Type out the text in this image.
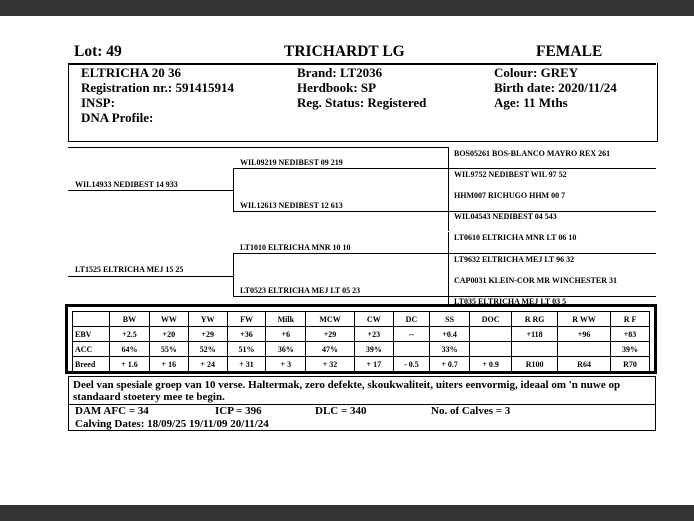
Lot: 49	TRICHARDT LG	FEMALE
ELTRICHA 20 36
Registration nr.: 591415914
INSP:
DNA Profile:
Brand: LT2036
Herdbook: SP
Reg. Status: Registered
Colour: GREY
Birth date: 2020/11/24
Age: 11 Mths
WIL14933 NEDIBEST 14 933
LT1525 ELTRICHA MEJ 15 25
WIL09219 NEDIBEST 09 219
WIL12613 NEDIBEST 12 613
LT1010 ELTRICHA MNR 10 10
LT0523 ELTRICHA MEJ LT 05 23
BOS05261 BOS-BLANCO MAYRO REX 261
WIL9752 NEDIBEST WIL 97 52
HHM007 RICHUGO HHM 00 7
WIL04543 NEDIBEST 04 543
LT0610 ELTRICHA MNR LT 06 10
LT9632 ELTRICHA MEJ LT 96 32
CAP0031 KLEIN-COR MR WINCHESTER 31
LT035 ELTRICHA MEJ LT 03 5
	BW	WW	YW	FW	Milk	MCW	CW	DC	SS	DOC	R RG	R WW	R F
EBV	+2.5	+20	+29	+36	+6	+29	+23	--	+0.4		+118	+96	+83
ACC	64%	55%	52%	51%	36%	47%	39%		33%				39%
Breed	+ 1.6	+ 16	+ 24	+ 31	+ 3	+ 32	+ 17	- 0.5	+ 0.7	+ 0.9	R100	R64	R70
Deel van spesiale groep van 10 verse. Haltermak, zero defekte, skoukwaliteit, uiters eenvormig, ideaal om 'n nuwe op standaard stoetery mee te begin.
DAM AFC = 34	ICP = 396	DLC = 340	No. of Calves = 3
Calving Dates: 18/09/25 19/11/09 20/11/24
